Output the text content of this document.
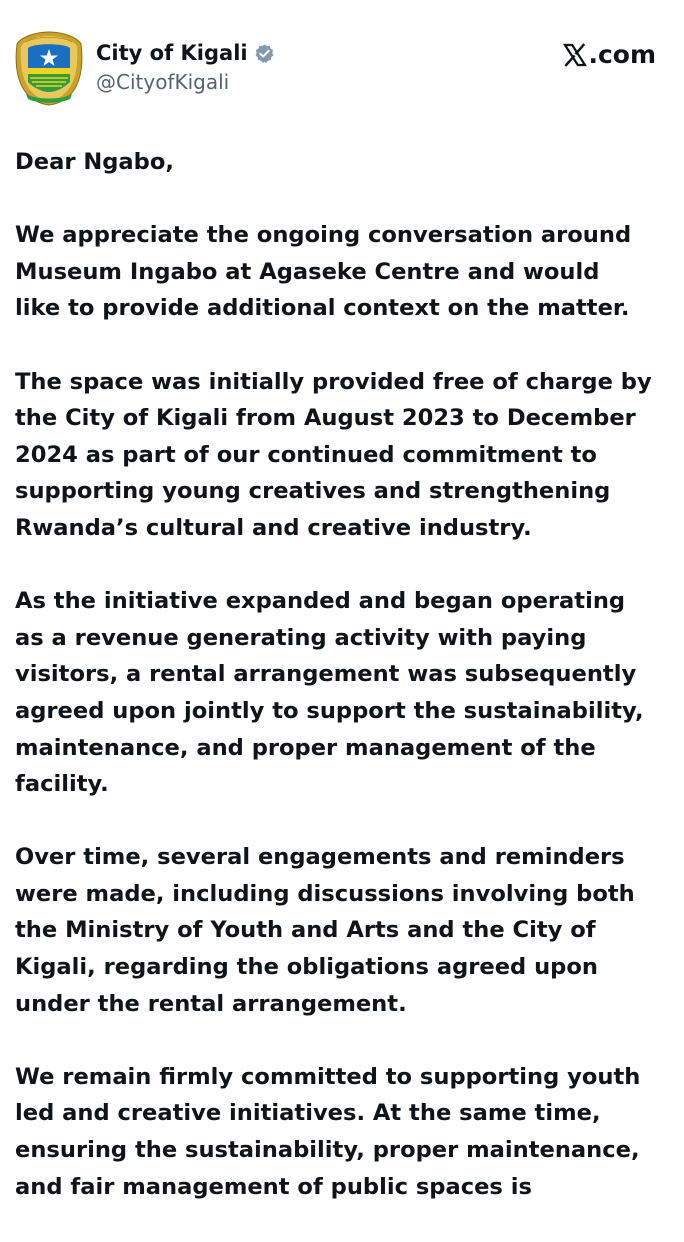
City of Kigali
@CityofKigali
.com

Dear Ngabo,

We appreciate the ongoing conversation around
Museum Ingabo at Agaseke Centre and would
like to provide additional context on the matter.

The space was initially provided free of charge by
the City of Kigali from August 2023 to December
2024 as part of our continued commitment to
supporting young creatives and strengthening
Rwanda’s cultural and creative industry.

As the initiative expanded and began operating
as a revenue generating activity with paying
visitors, a rental arrangement was subsequently
agreed upon jointly to support the sustainability,
maintenance, and proper management of the
facility.

Over time, several engagements and reminders
were made, including discussions involving both
the Ministry of Youth and Arts and the City of
Kigali, regarding the obligations agreed upon
under the rental arrangement.

We remain firmly committed to supporting youth
led and creative initiatives. At the same time,
ensuring the sustainability, proper maintenance,
and fair management of public spaces is
